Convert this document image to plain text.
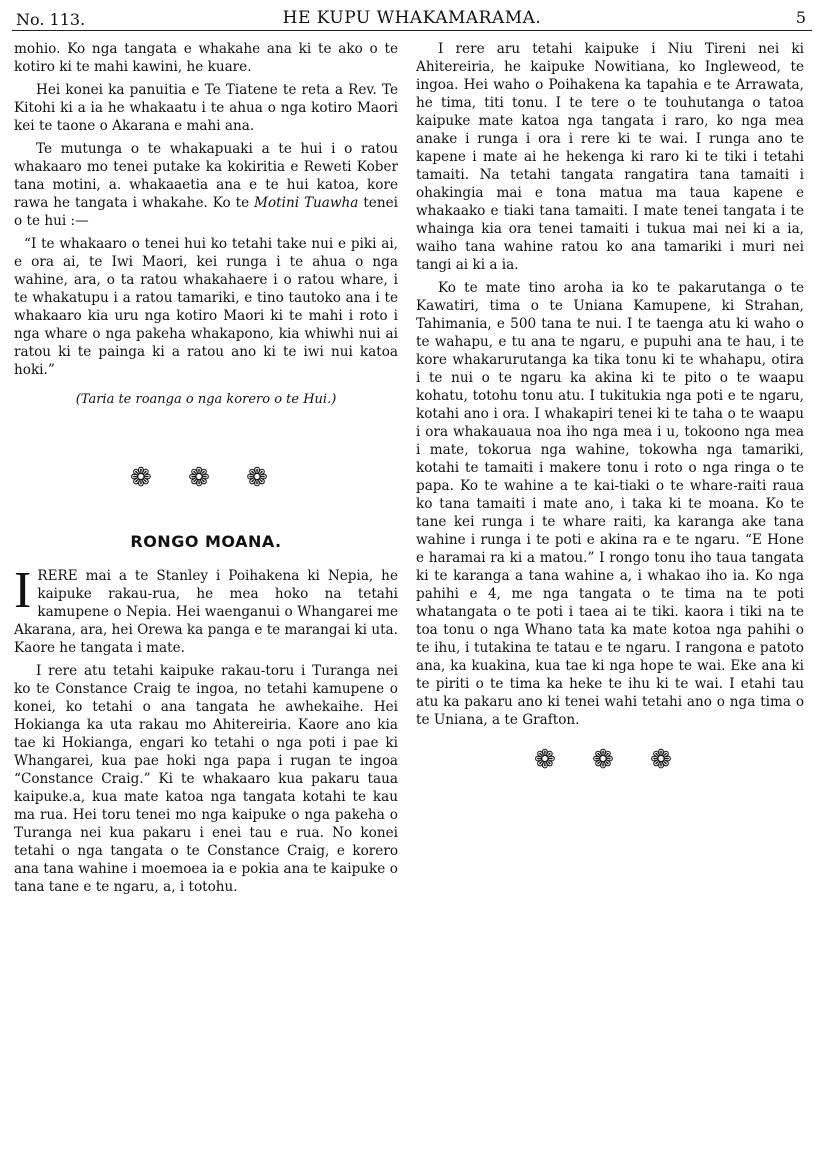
No. 113.	HE KUPU WHAKAMARAMA.	5

mohio. Ko nga tangata e whakahe ana ki te ako o te kotiro ki te mahi kawini, he kuare.

Hei konei ka panuitia e Te Tiatene te reta a Rev. Te Kitohi ki a ia he whakaatu i te ahua o nga kotiro Maori kei te taone o Akarana e mahi ana.

Te mutunga o te whakapuaki a te hui i o ratou whakaaro mo tenei putake ka kokiritia e Reweti Kober tana motini, a. whakaaetia ana e te hui katoa, kore rawa he tangata i whakahe. Ko te Motini Tuawha tenei o te hui :—

“I te whakaaro o tenei hui ko tetahi take nui e piki ai, e ora ai, te Iwi Maori, kei runga i te ahua o nga wahine, ara, o ta ratou whakahaere i o ratou whare, i te whakatupu i a ratou tamariki, e tino tautoko ana i te whakaaro kia uru nga kotiro Maori ki te mahi i roto i nga whare o nga pakeha whakapono, kia whiwhi nui ai ratou ki te painga ki a ratou ano ki te iwi nui katoa hoki.”

(Taria te roanga o nga korero o te Hui.)
❁ ❁ ❁
RONGO MOANA.

IRERE mai a te Stanley i Poihakena ki Nepia, he kaipuke rakau-rua, he mea hoko na tetahi kamupene o Nepia. Hei waenganui o Whangarei me Akarana, ara, hei Orewa ka panga e te marangai ki uta. Kaore he tangata i mate.

I rere atu tetahi kaipuke rakau-toru i Turanga nei ko te Constance Craig te ingoa, no tetahi kamupene o konei, ko tetahi o ana tangata he awhekaihe. Hei Hokianga ka uta rakau mo Ahitereiria. Kaore ano kia tae ki Hokianga, engari ko tetahi o nga poti i pae ki Whangarei, kua pae hoki nga papa i rugan te ingoa “Constance Craig.” Ki te whakaaro kua pakaru taua kaipuke.a, kua mate katoa nga tangata kotahi te kau ma rua. Hei toru tenei mo nga kaipuke o nga pakeha o Turanga nei kua pakaru i enei tau e rua. No konei tetahi o nga tangata o te Constance Craig, e korero ana tana wahine i moemoea ia e pokia ana te kaipuke o tana tane e te ngaru, a, i totohu.

I rere aru tetahi kaipuke i Niu Tireni nei ki Ahitereiria, he kaipuke Nowitiana, ko Ingleweod, te ingoa. Hei waho o Poihakena ka tapahia e te Arrawata, he tima, titi tonu. I te tere o te touhutanga o tatoa kaipuke mate katoa nga tangata i raro, ko nga mea anake i runga i ora i rere ki te wai. I runga ano te kapene i mate ai he hekenga ki raro ki te tiki i tetahi tamaiti. Na tetahi tangata rangatira tana tamaiti i ohakingia mai e tona matua ma taua kapene e whakaako e tiaki tana tamaiti. I mate tenei tangata i te whainga kia ora tenei tamaiti i tukua mai nei ki a ia, waiho tana wahine ratou ko ana tamariki i muri nei tangi ai ki a ia.

Ko te mate tino aroha ia ko te pakarutanga o te Kawatiri, tima o te Uniana Kamupene, ki Strahan, Tahimania, e 500 tana te nui. I te taenga atu ki waho o te wahapu, e tu ana te ngaru, e pupuhi ana te hau, i te kore whakarurutanga ka tika tonu ki te whahapu, otira i te nui o te ngaru ka akina ki te pito o te waapu kohatu, totohu tonu atu. I tukitukia nga poti e te ngaru, kotahi ano i ora. I whakapiri tenei ki te taha o te waapu i ora whakauaua noa iho nga mea i u, tokoono nga mea i mate, tokorua nga wahine, tokowha nga tamariki, kotahi te tamaiti i makere tonu i roto o nga ringa o te papa. Ko te wahine a te kai-tiaki o te whare-raiti raua ko tana tamaiti i mate ano, i taka ki te moana. Ko te tane kei runga i te whare raiti, ka karanga ake tana wahine i runga i te poti e akina ra e te ngaru. “E Hone e haramai ra ki a matou.” I rongo tonu iho taua tangata ki te karanga a tana wahine a, i whakao iho ia. Ko nga pahihi e 4, me nga tangata o te tima na te poti whatangata o te poti i taea ai te tiki. kaora i tiki na te toa tonu o nga Whano tata ka mate kotoa nga pahihi o te ihu, i tutakina te tatau e te ngaru. I rangona e patoto ana, ka kuakina, kua tae ki nga hope te wai. Eke ana ki te piriti o te tima ka heke te ihu ki te wai. I etahi tau atu ka pakaru ano ki tenei wahi tetahi ano o nga tima o te Uniana, a te Grafton.

❁ ❁ ❁
